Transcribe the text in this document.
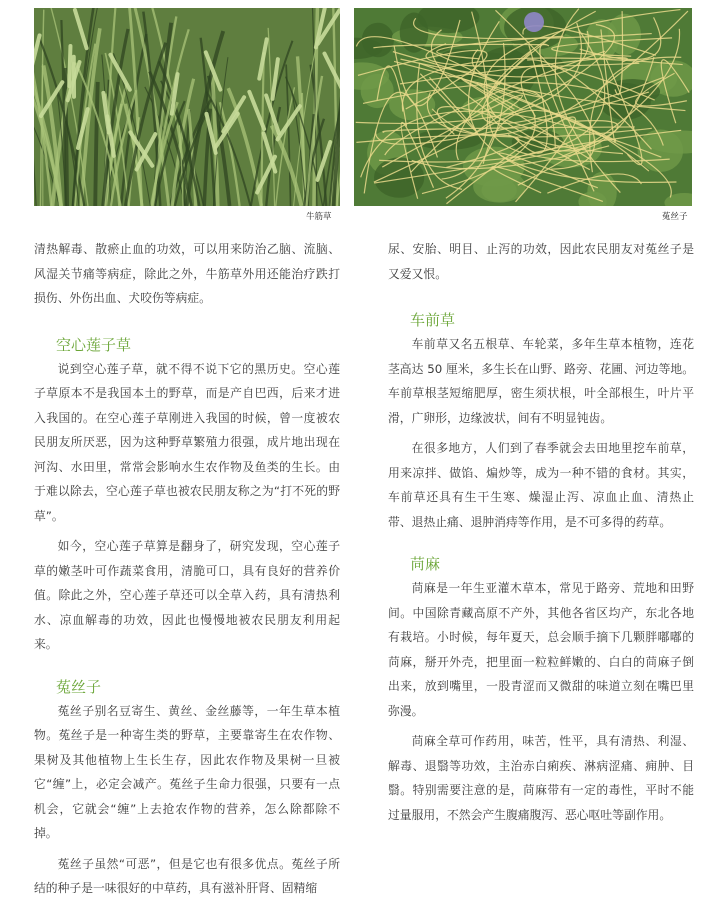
牛筋草	菟丝子

清热解毒、散瘀止血的功效，可以用来防治乙脑、流脑、风湿关节痛等病症，除此之外，牛筋草外用还能治疗跌打损伤、外伤出血、犬咬伤等病症。

空心莲子草

说到空心莲子草，就不得不说下它的黑历史。空心莲子草原本不是我国本土的野草，而是产自巴西，后来才进入我国的。在空心莲子草刚进入我国的时候，曾一度被农民朋友所厌恶，因为这种野草繁殖力很强，成片地出现在河沟、水田里，常常会影响水生农作物及鱼类的生长。由于难以除去，空心莲子草也被农民朋友称之为“打不死的野草”。

如今，空心莲子草算是翻身了，研究发现，空心莲子草的嫩茎叶可作蔬菜食用，清脆可口，具有良好的营养价值。除此之外，空心莲子草还可以全草入药，具有清热利水、凉血解毒的功效，因此也慢慢地被农民朋友利用起来。

菟丝子

菟丝子别名豆寄生、黄丝、金丝藤等，一年生草本植物。菟丝子是一种寄生类的野草，主要靠寄生在农作物、果树及其他植物上生长生存，因此农作物及果树一旦被它“缠”上，必定会减产。菟丝子生命力很强，只要有一点机会，它就会“缠”上去抢农作物的营养，怎么除都除不掉。

菟丝子虽然“可恶”，但是它也有很多优点。菟丝子所结的种子是一味很好的中草药，具有滋补肝肾、固精缩

尿、安胎、明目、止泻的功效，因此农民朋友对菟丝子是又爱又恨。

车前草

车前草又名五根草、车轮菜，多年生草本植物，连花茎高达 50 厘米，多生长在山野、路旁、花圃、河边等地。车前草根茎短缩肥厚，密生须状根，叶全部根生，叶片平滑，广卵形，边缘波状，间有不明显钝齿。

在很多地方，人们到了春季就会去田地里挖车前草，用来凉拌、做馅、煸炒等，成为一种不错的食材。其实，车前草还具有生干生寒、燥湿止泻、凉血止血、清热止带、退热止痛、退肿消痔等作用，是不可多得的药草。

苘麻

苘麻是一年生亚灌木草本，常见于路旁、荒地和田野间。中国除青藏高原不产外，其他各省区均产，东北各地有栽培。小时候，每年夏天，总会顺手摘下几颗胖嘟嘟的苘麻，掰开外壳，把里面一粒粒鲜嫩的、白白的苘麻子倒出来，放到嘴里，一股青涩而又微甜的味道立刻在嘴巴里弥漫。

苘麻全草可作药用，味苦，性平，具有清热、利湿、解毒、退翳等功效，主治赤白痢疾、淋病涩痛、痈肿、目翳。特别需要注意的是，苘麻带有一定的毒性，平时不能过量服用，不然会产生腹痛腹泻、恶心呕吐等副作用。
